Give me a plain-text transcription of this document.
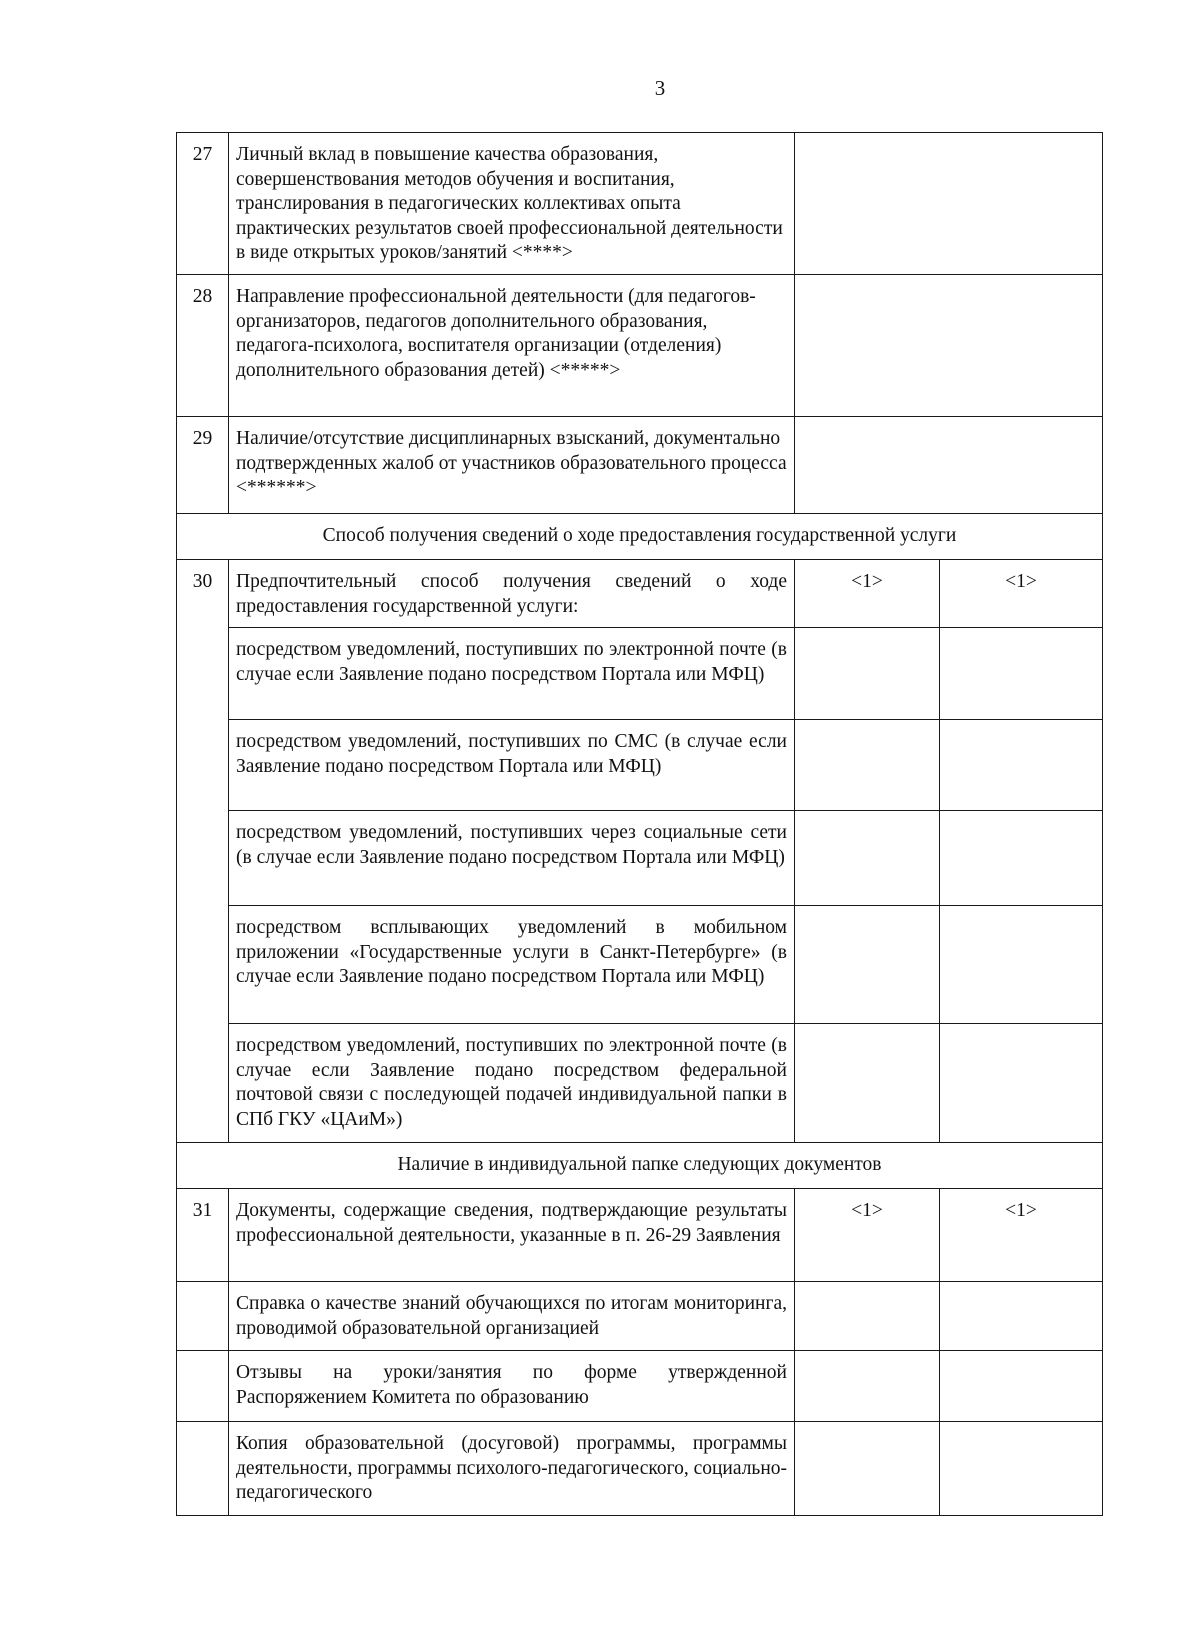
3
27	Личный вклад в повышение качества образования, совершенствования методов обучения и воспитания, транслирования в педагогических коллективах опыта практических результатов своей профессиональной деятельности в виде открытых уроков/занятий <****>		
28	Направление профессиональной деятельности (для педагогов-организаторов, педагогов дополнительного образования, педагога-психолога, воспитателя организации (отделения) дополнительного образования детей) <*****>		
29	Наличие/отсутствие дисциплинарных взысканий, документально подтвержденных жалоб от участников образовательного процесса <******>		
Способ получения сведений о ходе предоставления государственной услуги			
30	Предпочтительный способ получения сведений о ходе предоставления государственной услуги:	<1>	<1>
	посредством уведомлений, поступивших по электронной почте (в случае если Заявление подано посредством Портала или МФЦ)		
	посредством уведомлений, поступивших по СМС (в случае если Заявление подано посредством Портала или МФЦ)		
	посредством уведомлений, поступивших через социальные сети (в случае если Заявление подано посредством Портала или МФЦ)		
	посредством всплывающих уведомлений в мобильном приложении «Государственные услуги в Санкт-Петербурге» (в случае если Заявление подано посредством Портала или МФЦ)		
	посредством уведомлений, поступивших по электронной почте (в случае если Заявление подано посредством федеральной почтовой связи с последующей подачей индивидуальной папки в СПб ГКУ «ЦАиМ»)		
Наличие в индивидуальной папке следующих документов			
31	Документы, содержащие сведения, подтверждающие результаты профессиональной деятельности, указанные в п. 26-29 Заявления	<1>	<1>
	Справка о качестве знаний обучающихся по итогам мониторинга, проводимой образовательной организацией		
	Отзывы на уроки/занятия по форме утвержденной Распоряжением Комитета по образованию		
	Копия образовательной (досуговой) программы, программы деятельности, программы психолого-педагогического, социально-педагогического		
